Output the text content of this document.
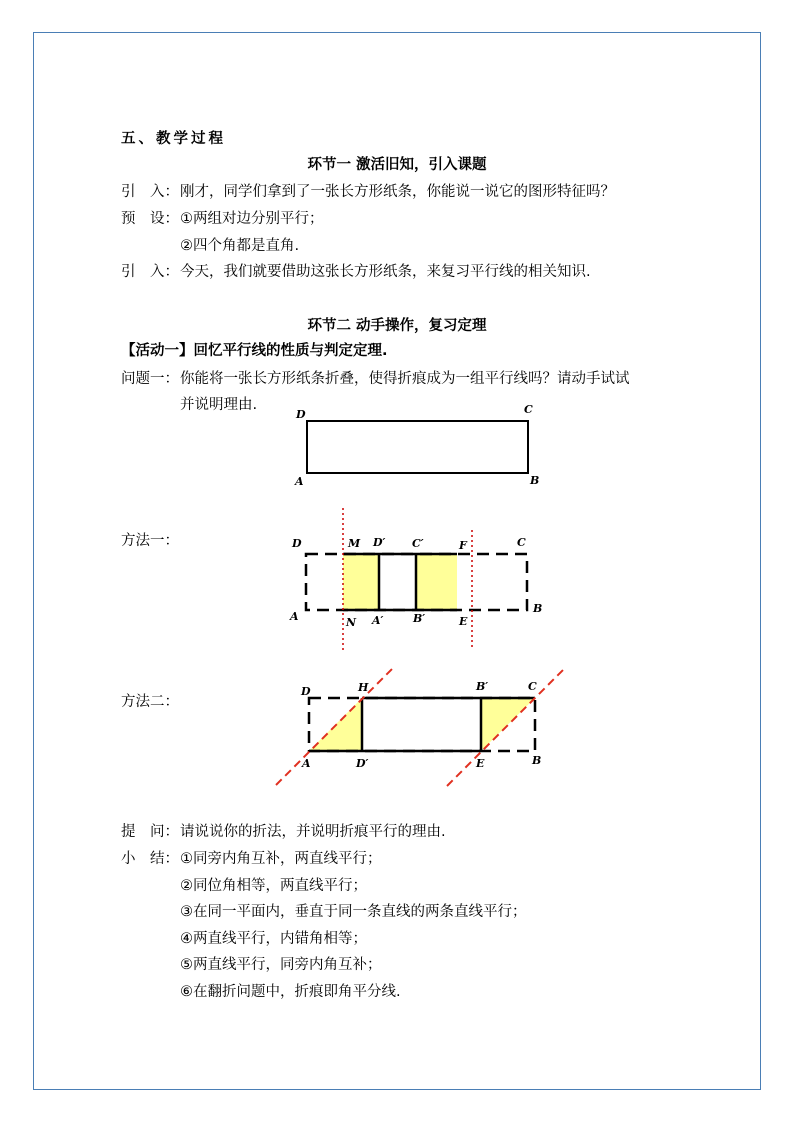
五、教学过程
环节一 激活旧知，引入课题
引　入： 刚才，同学们拿到了一张长方形纸条，你能说一说它的图形特征吗？
预　设： ①两组对边分别平行；
②四个角都是直角.
引　入： 今天，我们就要借助这张长方形纸条，来复习平行线的相关知识.
环节二 动手操作，复习定理
【活动一】回忆平行线的性质与判定定理.
问题一： 你能将一张长方形纸条折叠，使得折痕成为一组平行线吗？请动手试试
并说明理由.
D	C
A	B
方法一：	D	M D′ C′	F	C
A	N A′	B′	E
B
方法二：
D	H	B′	C
A	D′	E	B
提　问： 请说说你的折法，并说明折痕平行的理由.
小　结： ①同旁内角互补，两直线平行；
②同位角相等，两直线平行；
③在同一平面内，垂直于同一条直线的两条直线平行；
④两直线平行，内错角相等；
⑤两直线平行，同旁内角互补；
⑥在翻折问题中，折痕即角平分线.
